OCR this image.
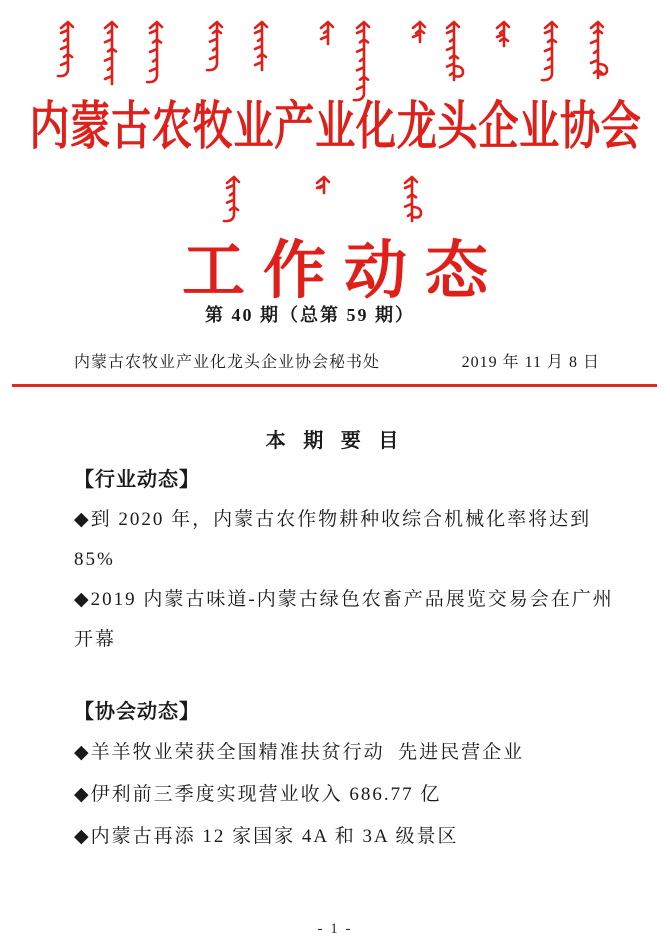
内蒙古农牧业产业化龙头企业协会
工作动态
第 40 期（总第 59 期）
内蒙古农牧业产业化龙头企业协会秘书处	2019 年 11 月 8 日
本 期 要 目
【行业动态】
◆到 2020 年，内蒙古农作物耕种收综合机械化率将达到 85%
◆2019 内蒙古味道-内蒙古绿色农畜产品展览交易会在广州
开幕
【协会动态】
◆羊羊牧业荣获全国精准扶贫行动  先进民营企业
◆伊利前三季度实现营业收入 686.77 亿
◆内蒙古再添 12 家国家 4A 和 3A 级景区
- 1 -
